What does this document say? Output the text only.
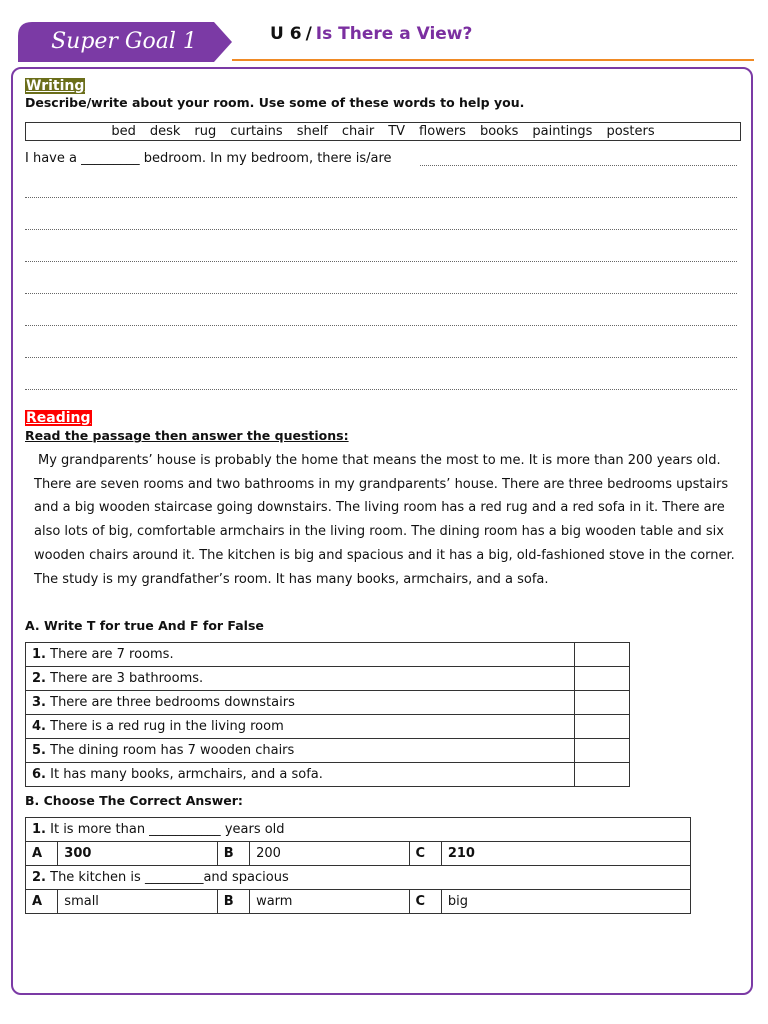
Super Goal 1	U 6 / Is There a View?
Writing
Describe/write about your room. Use some of these words to help you.
bed desk rug curtains shelf chair TV flowers books paintings posters
I have a _________ bedroom. In my bedroom, there is/are
Reading
Read the passage then answer the questions:
My grandparents’ house is probably the home that means the most to me. It is more than 200 years old. There are seven rooms and two bathrooms in my grandparents’ house. There are three bedrooms upstairs and a big wooden staircase going downstairs. The living room has a red rug and a red sofa in it. There are also lots of big, comfortable armchairs in the living room. The dining room has a big wooden table and six wooden chairs around it. The kitchen is big and spacious and it has a big, old-fashioned stove in the corner. The study is my grandfather’s room. It has many books, armchairs, and a sofa.
A. Write T for true And F for False
1. There are 7 rooms.	
2. There are 3 bathrooms.	
3. There are three bedrooms downstairs	
4. There is a red rug in the living room	
5. The dining room has 7 wooden chairs	
6. It has many books, armchairs, and a sofa.	
B. Choose The Correct Answer:
1. It is more than ___________ years old					
A	300	B	200	C	210
2. The kitchen is _________and spacious					
A	small	B	warm	C	big
